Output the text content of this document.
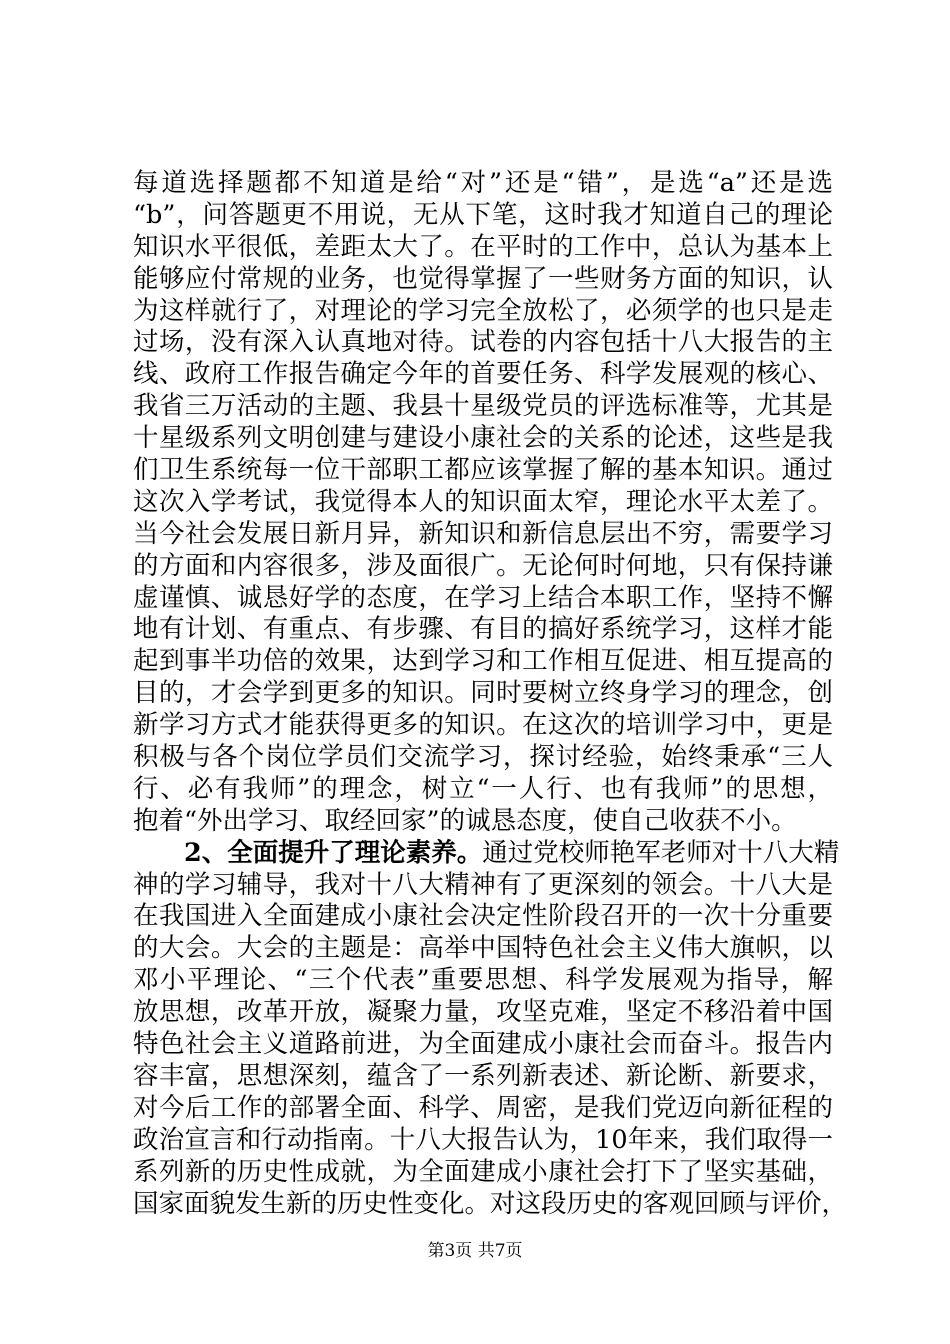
每道选择题都不知道是给“对”还是“错”，是选“a”还是选
“b”，问答题更不用说，无从下笔，这时我才知道自己的理论
知识水平很低，差距太大了。在平时的工作中，总认为基本上
能够应付常规的业务，也觉得掌握了一些财务方面的知识，认
为这样就行了，对理论的学习完全放松了，必须学的也只是走
过场，没有深入认真地对待。试卷的内容包括十八大报告的主
线、政府工作报告确定今年的首要任务、科学发展观的核心、
我省三万活动的主题、我县十星级党员的评选标准等，尤其是
十星级系列文明创建与建设小康社会的关系的论述，这些是我
们卫生系统每一位干部职工都应该掌握了解的基本知识。通过
这次入学考试，我觉得本人的知识面太窄，理论水平太差了。
当今社会发展日新月异，新知识和新信息层出不穷，需要学习
的方面和内容很多，涉及面很广。无论何时何地，只有保持谦
虚谨慎、诚恳好学的态度，在学习上结合本职工作，坚持不懈
地有计划、有重点、有步骤、有目的搞好系统学习，这样才能
起到事半功倍的效果，达到学习和工作相互促进、相互提高的
目的，才会学到更多的知识。同时要树立终身学习的理念，创
新学习方式才能获得更多的知识。在这次的培训学习中，更是
积极与各个岗位学员们交流学习，探讨经验，始终秉承“三人
行、必有我师”的理念，树立“一人行、也有我师”的思想，
抱着“外出学习、取经回家”的诚恳态度，使自己收获不小。
2、全面提升了理论素养。通过党校师艳军老师对十八大精
神的学习辅导，我对十八大精神有了更深刻的领会。十八大是
在我国进入全面建成小康社会决定性阶段召开的一次十分重要
的大会。大会的主题是：高举中国特色社会主义伟大旗帜，以
邓小平理论、“三个代表”重要思想、科学发展观为指导，解
放思想，改革开放，凝聚力量，攻坚克难，坚定不移沿着中国
特色社会主义道路前进，为全面建成小康社会而奋斗。报告内
容丰富，思想深刻，蕴含了一系列新表述、新论断、新要求，
对今后工作的部署全面、科学、周密，是我们党迈向新征程的
政治宣言和行动指南。十八大报告认为，10年来，我们取得一
系列新的历史性成就，为全面建成小康社会打下了坚实基础，
国家面貌发生新的历史性变化。对这段历史的客观回顾与评价，
第3页 共7页
